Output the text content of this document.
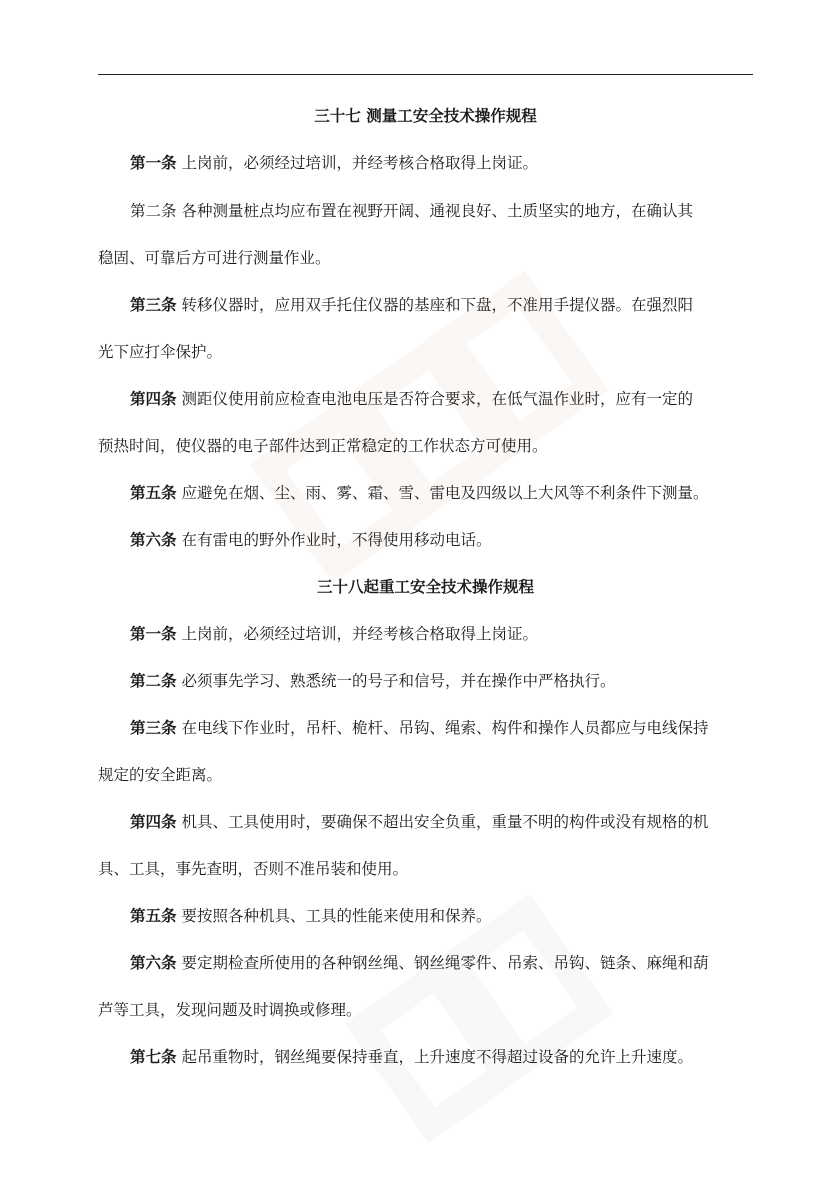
三十七 测量工安全技术操作规程
第一条 上岗前，必须经过培训，并经考核合格取得上岗证。
第二条 各种测量桩点均应布置在视野开阔、通视良好、土质坚实的地方，在确认其
稳固、可靠后方可进行测量作业。
第三条 转移仪器时，应用双手托住仪器的基座和下盘，不准用手提仪器。在强烈阳
光下应打伞保护。
第四条 测距仪使用前应检查电池电压是否符合要求，在低气温作业时，应有一定的
预热时间，使仪器的电子部件达到正常稳定的工作状态方可使用。
第五条 应避免在烟、尘、雨、雾、霜、雪、雷电及四级以上大风等不利条件下测量。
第六条 在有雷电的野外作业时，不得使用移动电话。
三十八起重工安全技术操作规程
第一条 上岗前，必须经过培训，并经考核合格取得上岗证。
第二条 必须事先学习、熟悉统一的号子和信号，并在操作中严格执行。
第三条 在电线下作业时，吊杆、桅杆、吊钩、绳索、构件和操作人员都应与电线保持
规定的安全距离。
第四条 机具、工具使用时，要确保不超出安全负重，重量不明的构件或没有规格的机
具、工具，事先查明，否则不准吊装和使用。
第五条 要按照各种机具、工具的性能来使用和保养。
第六条 要定期检查所使用的各种钢丝绳、钢丝绳零件、吊索、吊钩、链条、麻绳和葫
芦等工具，发现问题及时调换或修理。
第七条 起吊重物时，钢丝绳要保持垂直，上升速度不得超过设备的允许上升速度。
